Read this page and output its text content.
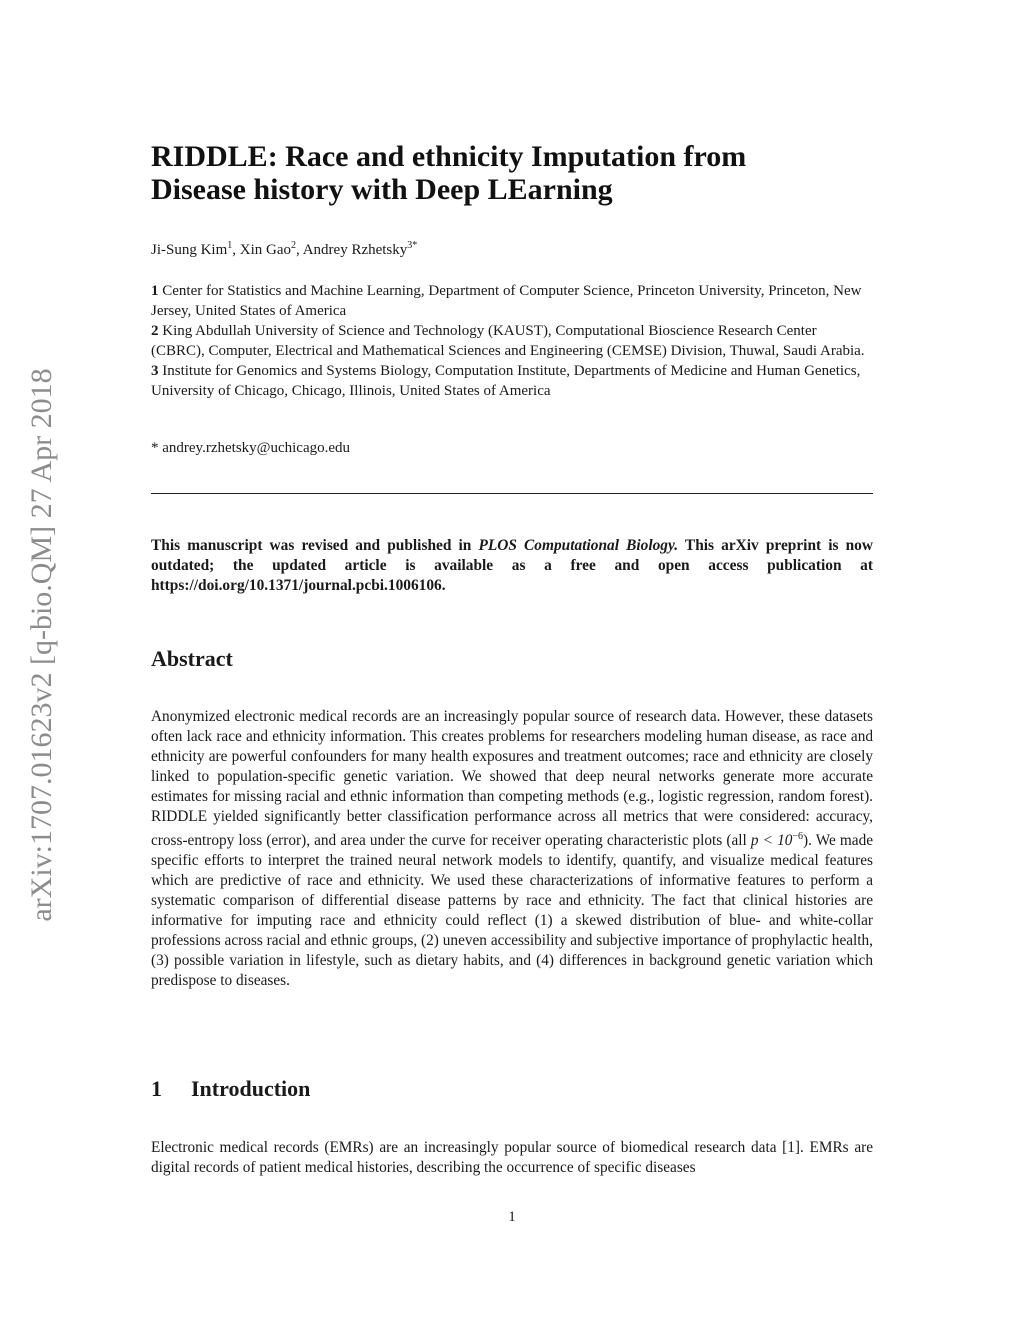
arXiv:1707.01623v2 [q-bio.QM] 27 Apr 2018
RIDDLE: Race and ethnicity Imputation from
Disease history with Deep LEarning
Ji-Sung Kim$^1$, Xin Gao$^2$, Andrey Rzhetsky$^{3*}$

1 Center for Statistics and Machine Learning, Department of Computer Science, Princeton University, Princeton, New Jersey, United States of America

2 King Abdullah University of Science and Technology (KAUST), Computational Bioscience Research Center (CBRC), Computer, Electrical and Mathematical Sciences and Engineering (CEMSE) Division, Thuwal, Saudi Arabia.

3 Institute for Genomics and Systems Biology, Computation Institute, Departments of Medicine and Human Genetics, University of Chicago, Chicago, Illinois, United States of America

* andrey.rzhetsky@uchicago.edu

This manuscript was revised and published in PLOS Computational Biology. This arXiv preprint is now outdated; the updated article is available as a free and open access publication at https://doi.org/10.1371/journal.pcbi.1006106.

Abstract

Anonymized electronic medical records are an increasingly popular source of research data. However, these datasets often lack race and ethnicity information. This creates problems for researchers modeling human disease, as race and ethnicity are powerful confounders for many health exposures and treatment outcomes; race and ethnicity are closely linked to population-specific genetic variation. We showed that deep neural networks generate more accurate estimates for missing racial and ethnic information than competing methods (e.g., logistic regression, random forest). RIDDLE yielded significantly better classification performance across all metrics that were considered: accuracy, cross-entropy loss (error), and area under the curve for receiver operating characteristic plots (all $p < 10^{-6}$). We made specific efforts to interpret the trained neural network models to identify, quantify, and visualize medical features which are predictive of race and ethnicity. We used these characterizations of informative features to perform a systematic comparison of differential disease patterns by race and ethnicity. The fact that clinical histories are informative for imputing race and ethnicity could reflect (1) a skewed distribution of blue- and white-collar professions across racial and ethnic groups, (2) uneven accessibility and subjective importance of prophylactic health, (3) possible variation in lifestyle, such as dietary habits, and (4) differences in background genetic variation which predispose to diseases.

1 Introduction

Electronic medical records (EMRs) are an increasingly popular source of biomedical research data [1]. EMRs are digital records of patient medical histories, describing the occurrence of specific diseases

1
